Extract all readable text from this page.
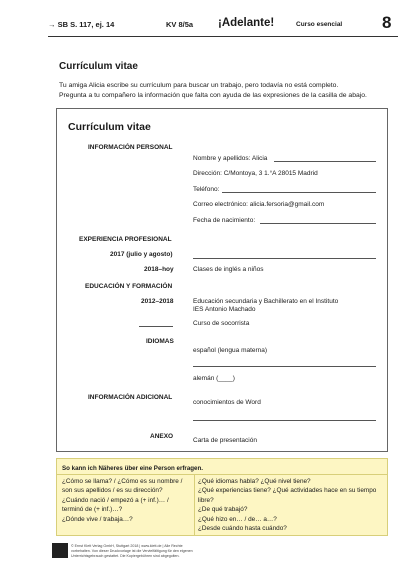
→ SB S. 117, ej. 14	KV 8/5a ¡Adelante!	Curso esencial 8
Currículum vitae
Tu amiga Alicia escribe su currículum para buscar un trabajo, pero todavía no está completo.
Pregunta a tu compañero la información que falta con ayuda de las expresiones de la casilla de abajo.
Currículum vitae
INFORMACIÓN PERSONAL
Nombre y apellidos: Alicia
Dirección: C/Montoya, 3 1.°A 28015 Madrid
Teléfono:
Correo electrónico: alicia.fersoria@gmail.com
Fecha de nacimiento:
EXPERIENCIA PROFESIONAL
2017 (julio y agosto)
2018–hoy	Clases de inglés a niños
EDUCACIÓN Y FORMACIÓN
2012–2018	Educación secundaria y Bachillerato en el Instituto
IES Antonio Machado
Curso de socorrista
IDIOMAS
español (lengua materna)
alemán (____)
INFORMACIÓN ADICIONAL
conocimientos de Word
ANEXO
Carta de presentación
So kann ich Näheres über eine Person erfragen.
¿Cómo se llama? / ¿Cómo es su nombre /
son sus apellidos / es su dirección?
¿Cuándo nació / empezó a (+ inf.)… /
terminó de (+ inf.)…?
¿Dónde vive / trabaja…?
¿Qué idiomas habla? ¿Qué nivel tiene?
¿Qué experiencias tiene? ¿Qué actividades hace en su tiempo
libre?
¿De qué trabajó?
¿Qué hizo en… / de… a…?
¿Desde cuándo hasta cuándo?
© Ernst Klett Verlag GmbH, Stuttgart 2018 | www.klett.de | Alle Rechte
vorbehalten. Von dieser Druckvorlage ist die Vervielfältigung für den eigenen
Unterrichtsgebrauch gestattet. Die Kopiergebühren sind abgegolten.
